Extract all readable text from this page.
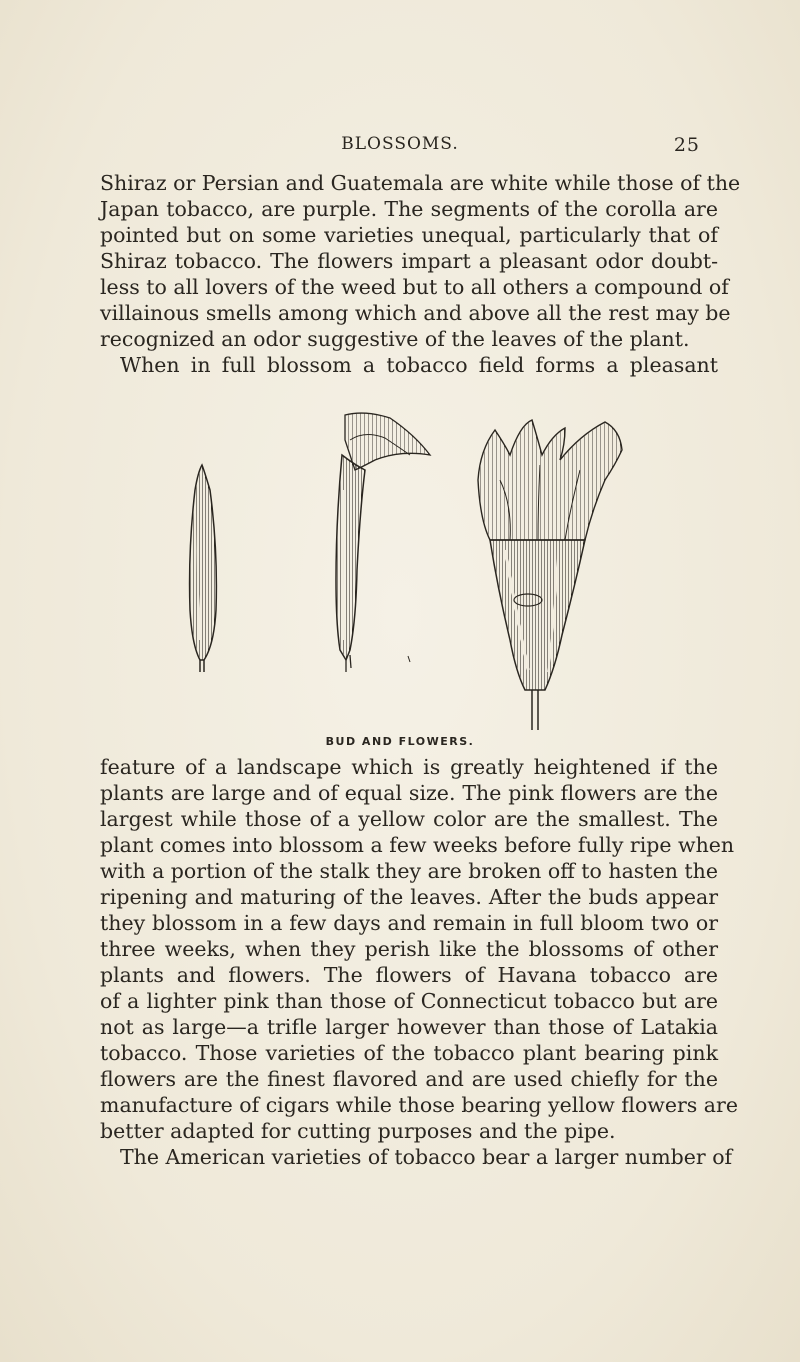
BLOSSOMS.	25
Shiraz or Persian and Guatemala are white while those of the
Japan tobacco, are purple. The segments of the corolla are
pointed but on some varieties unequal, particularly that of
Shiraz tobacco. The flowers impart a pleasant odor doubt-
less to all lovers of the weed but to all others a compound of
villainous smells among which and above all the rest may be
recognized an odor suggestive of the leaves of the plant.
When in full blossom a tobacco field forms a pleasant
BUD AND FLOWERS.
feature of a landscape which is greatly heightened if the
plants are large and of equal size. The pink flowers are the
largest while those of a yellow color are the smallest. The
plant comes into blossom a few weeks before fully ripe when
with a portion of the stalk they are broken off to hasten the
ripening and maturing of the leaves. After the buds appear
they blossom in a few days and remain in full bloom two or
three weeks, when they perish like the blossoms of other
plants and flowers. The flowers of Havana tobacco are
of a lighter pink than those of Connecticut tobacco but are
not as large—a trifle larger however than those of Latakia
tobacco. Those varieties of the tobacco plant bearing pink
flowers are the finest flavored and are used chiefly for the
manufacture of cigars while those bearing yellow flowers are
better adapted for cutting purposes and the pipe.
The American varieties of tobacco bear a larger number of
